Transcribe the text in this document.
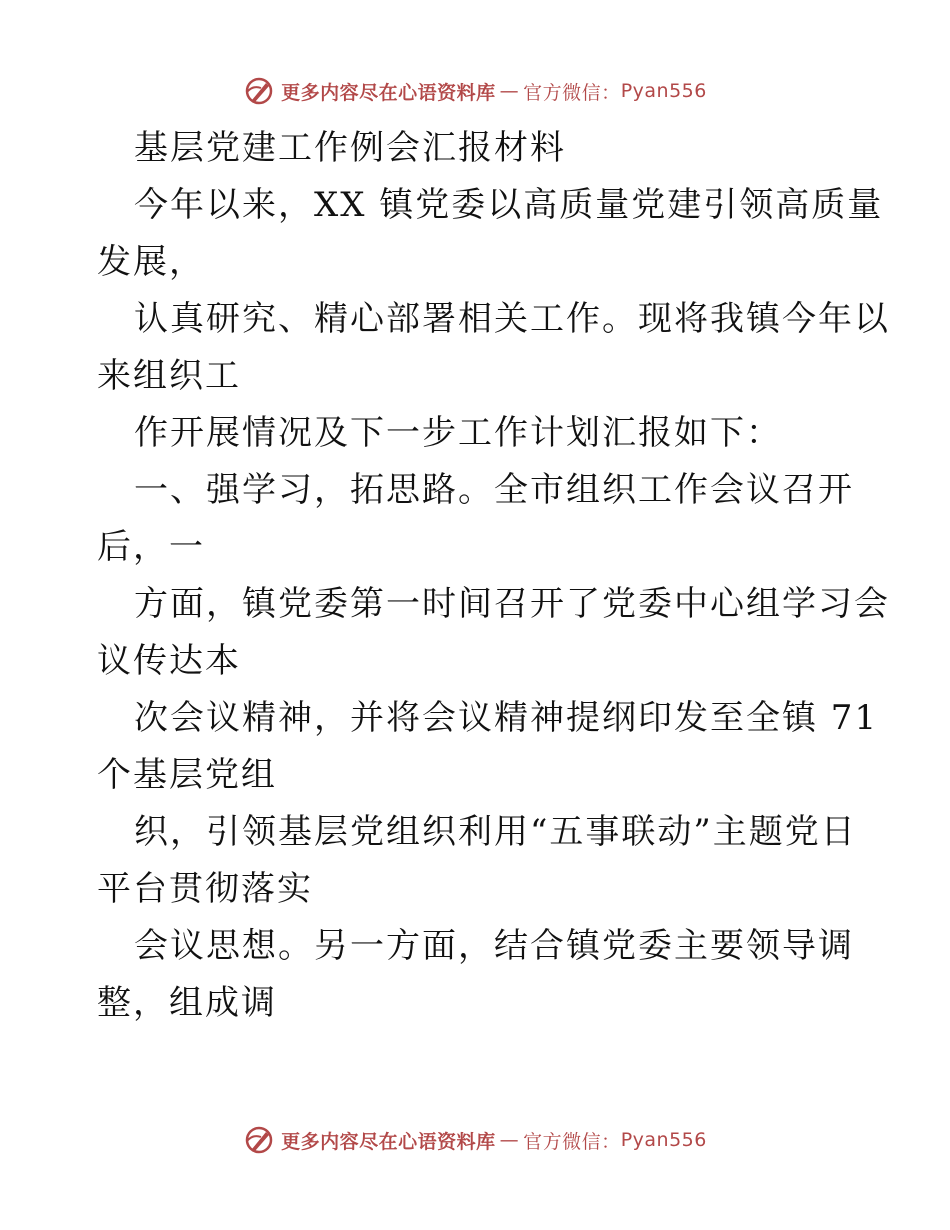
更多内容尽在心语资料库 — 官方微信： Pyan556
基层党建工作例会汇报材料
今年以来，XX 镇党委以高质量党建引领高质量
发展，
认真研究、精心部署相关工作。现将我镇今年以
来组织工
作开展情况及下一步工作计划汇报如下：
一、强学习，拓思路。全市组织工作会议召开
后，一
方面，镇党委第一时间召开了党委中心组学习会
议传达本
次会议精神，并将会议精神提纲印发至全镇 71
个基层党组
织，引领基层党组织利用“五事联动”主题党日
平台贯彻落实
会议思想。另一方面，结合镇党委主要领导调
整，组成调
更多内容尽在心语资料库 — 官方微信： Pyan556
